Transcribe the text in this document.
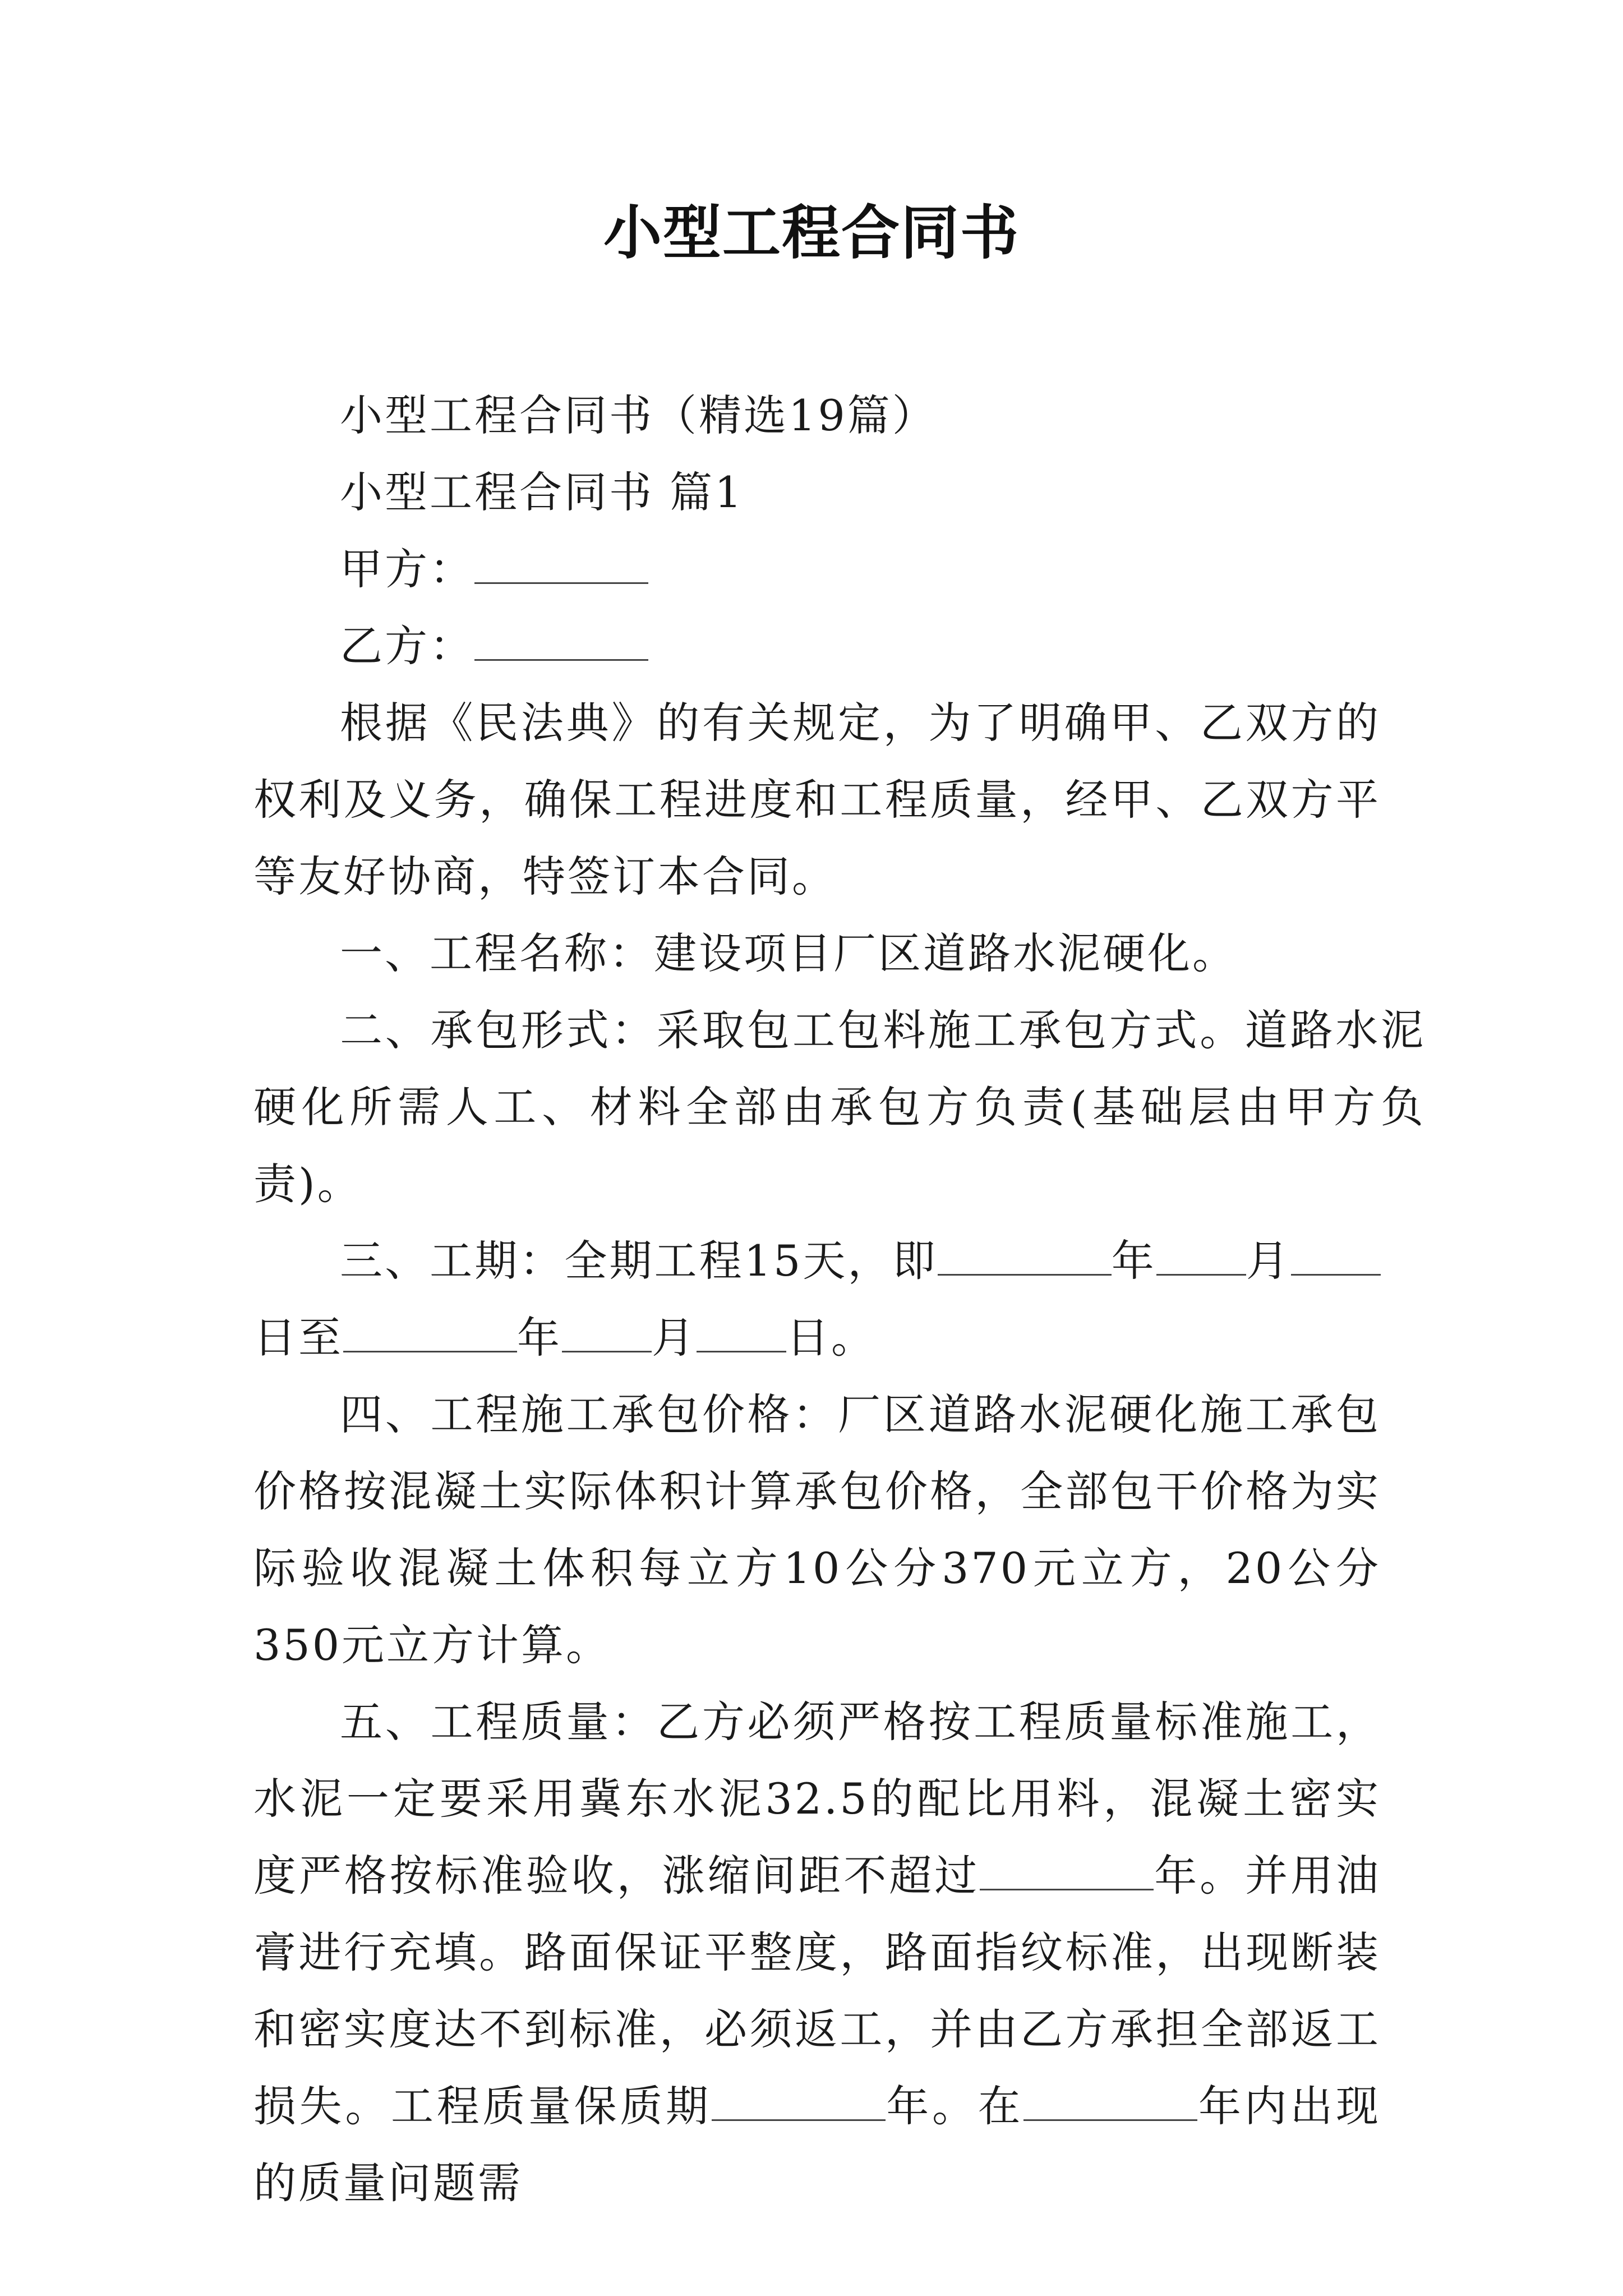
小型工程合同书

小型工程合同书（精选19篇）

小型工程合同书 篇1

甲方：

乙方：

根据《民法典》的有关规定，为了明确甲、乙双方的权利及义务，确保工程进度和工程质量，经甲、乙双方平等友好协商，特签订本合同。

一、工程名称：建设项目厂区道路水泥硬化。

二、承包形式：采取包工包料施工承包方式。道路水泥硬化所需人工、材料全部由承包方负责(基础层由甲方负责)。

三、工期：全期工程15天，即	年 月日至	年 月 日。

四、工程施工承包价格：厂区道路水泥硬化施工承包价格按混凝土实际体积计算承包价格，全部包干价格为实际验收混凝土体积每立方10公分370元立方，20公分350元立方计算。

五、工程质量：乙方必须严格按工程质量标准施工，水泥一定要采用冀东水泥32.5的配比用料，混凝土密实度严格按标准验收，涨缩间距不超过	年。并用油膏进行充填。路面保证平整度，路面指纹标准，出现断装和密实度达不到标准，必须返工，并由乙方承担全部返工损失。工程质量保质期	年。在	年内出现的质量问题需
